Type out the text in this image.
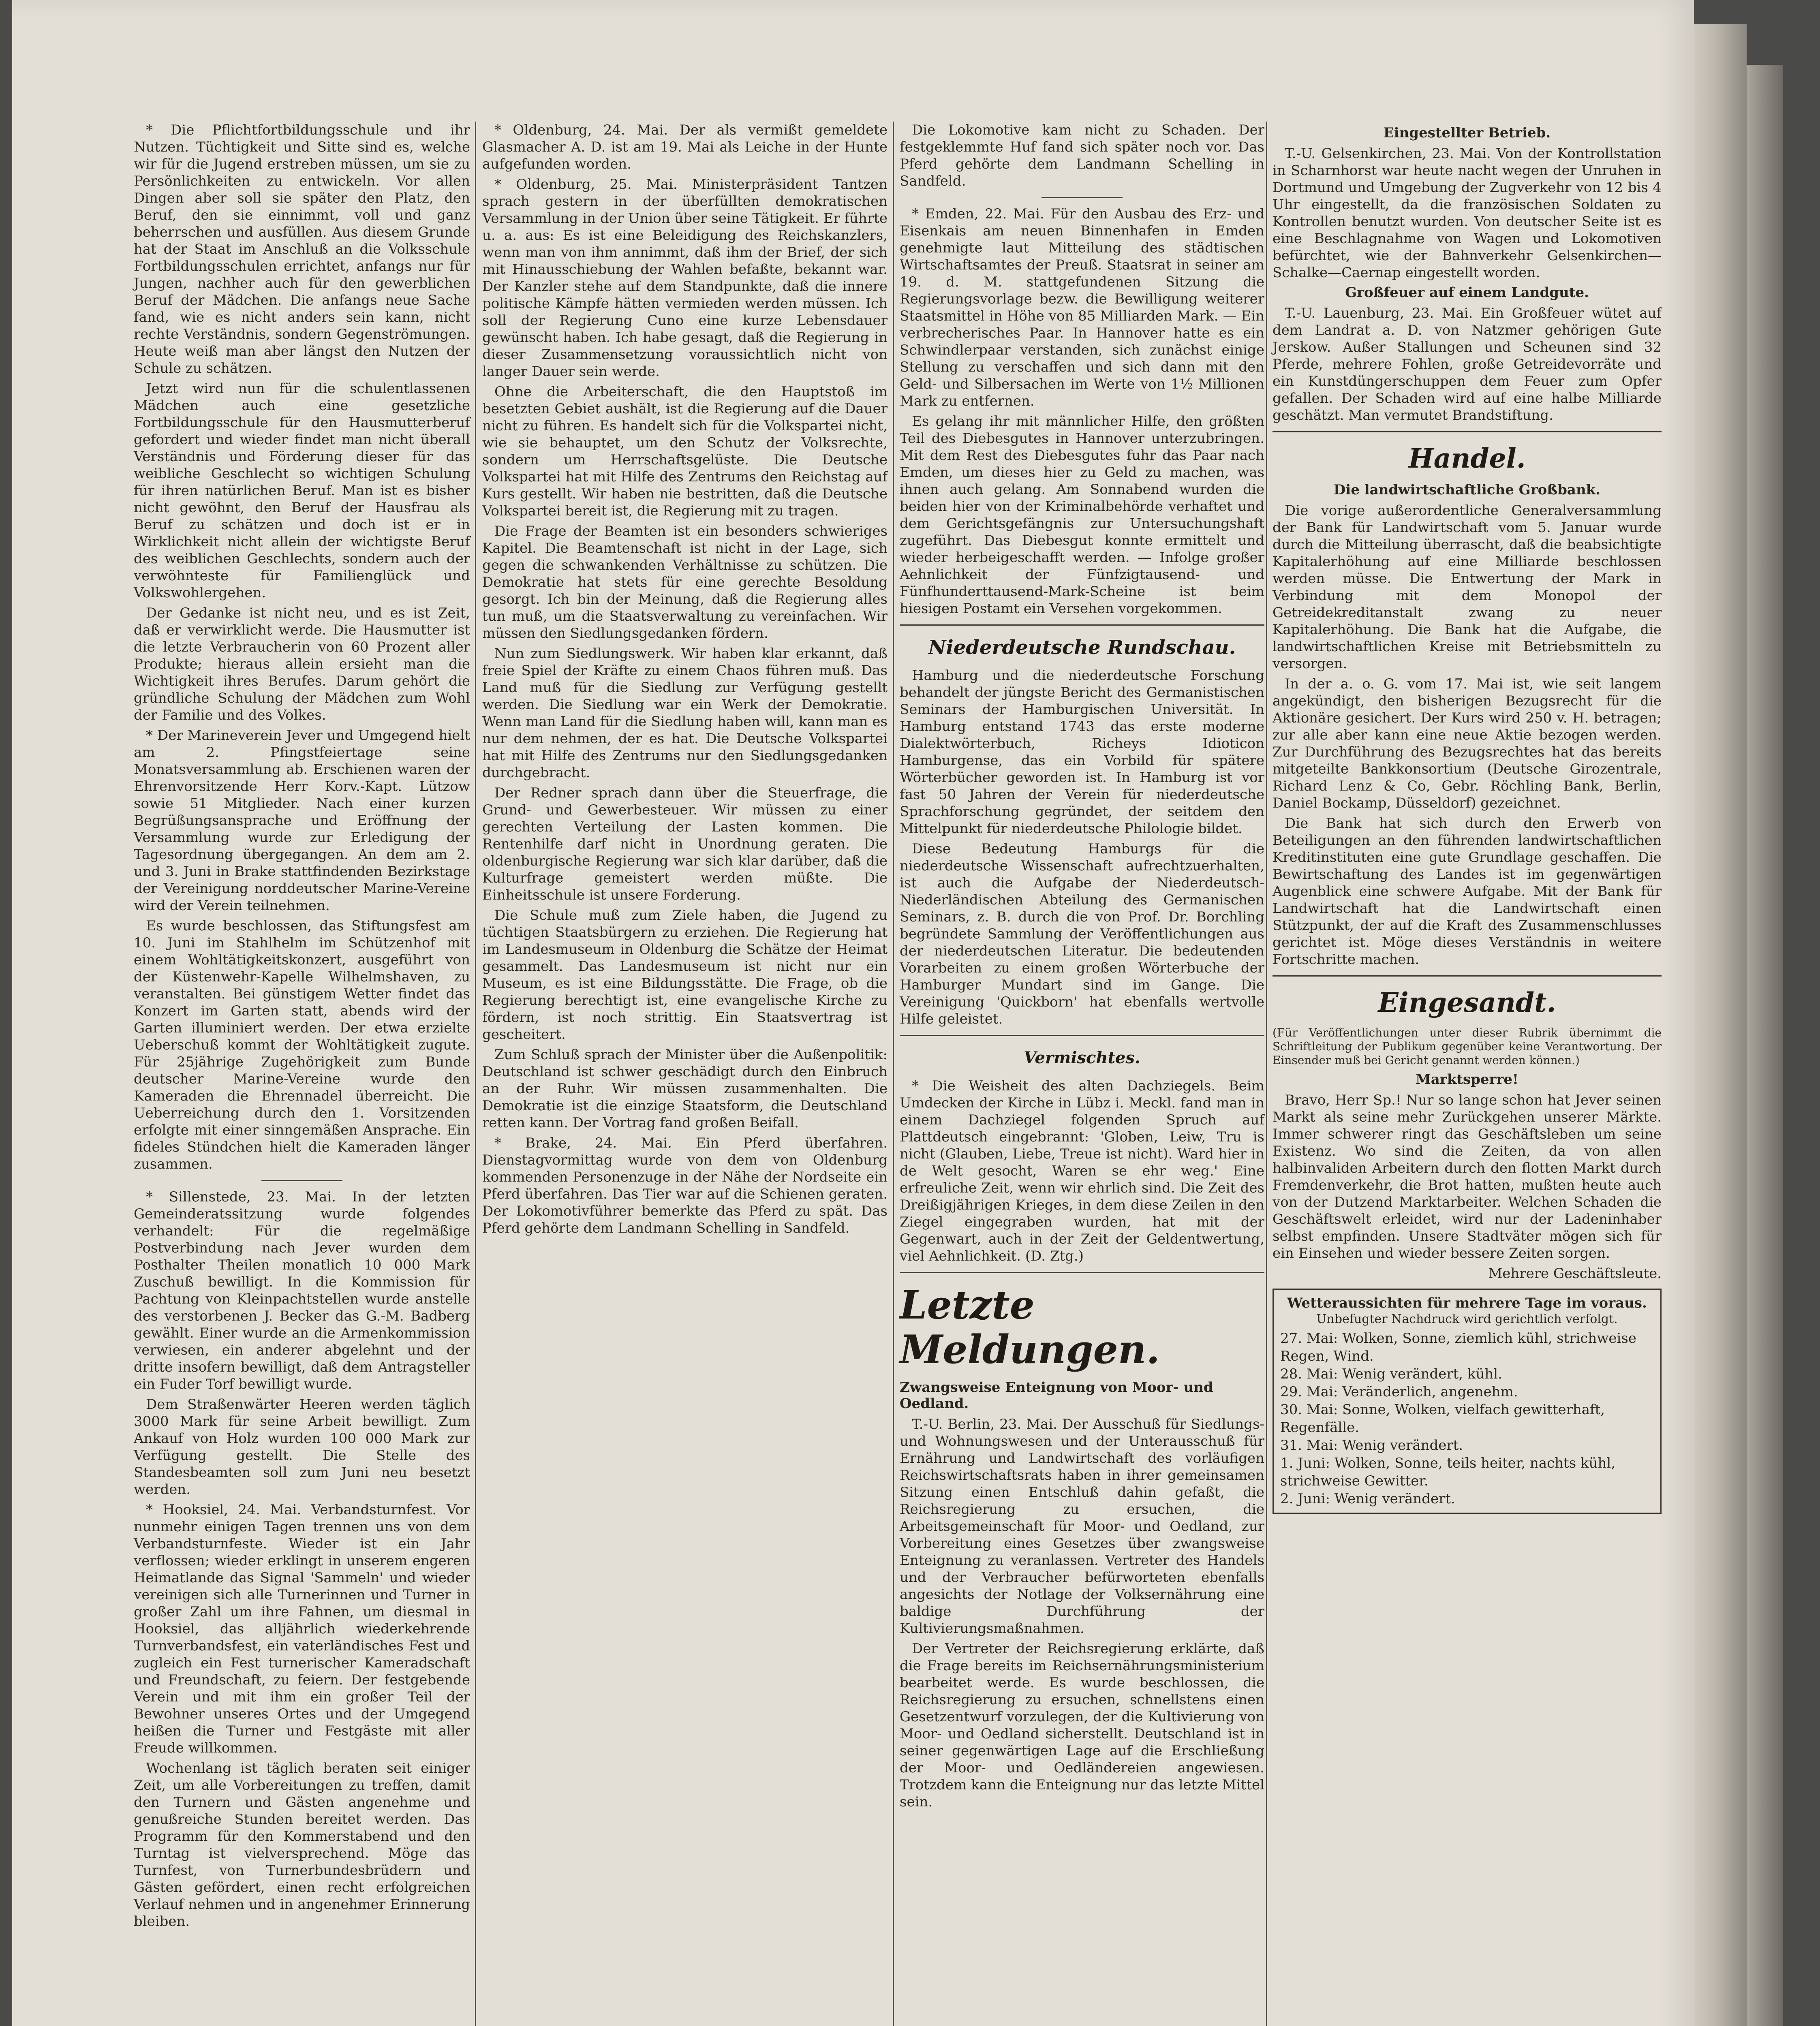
* Die Pflichtfortbildungsschule und ihr Nutzen. Tüchtigkeit und Sitte sind es, welche wir für die Jugend erstreben müssen, um sie zu Persönlichkeiten zu entwickeln. Vor allen Dingen aber soll sie später den Platz, den Beruf, den sie einnimmt, voll und ganz beherrschen und ausfüllen. Aus diesem Grunde hat der Staat im Anschluß an die Volksschule Fortbildungsschulen errichtet, anfangs nur für Jungen, nachher auch für den gewerblichen Beruf der Mädchen. Die anfangs neue Sache fand, wie es nicht anders sein kann, nicht rechte Verständnis, sondern Gegenströmungen. Heute weiß man aber längst den Nutzen der Schule zu schätzen.

Jetzt wird nun für die schulentlassenen Mädchen auch eine gesetzliche Fortbildungsschule für den Hausmutterberuf gefordert und wieder findet man nicht überall Verständnis und Förderung dieser für das weibliche Geschlecht so wichtigen Schulung für ihren natürlichen Beruf. Man ist es bisher nicht gewöhnt, den Beruf der Hausfrau als Beruf zu schätzen und doch ist er in Wirklichkeit nicht allein der wichtigste Beruf des weiblichen Geschlechts, sondern auch der verwöhnteste für Familienglück und Volkswohlergehen.

Der Gedanke ist nicht neu, und es ist Zeit, daß er verwirklicht werde. Die Hausmutter ist die letzte Verbraucherin von 60 Prozent aller Produkte; hieraus allein ersieht man die Wichtigkeit ihres Berufes. Darum gehört die gründliche Schulung der Mädchen zum Wohl der Familie und des Volkes.

* Der Marineverein Jever und Umgegend hielt am 2. Pfingstfeiertage seine Monatsversammlung ab. Erschienen waren der Ehrenvorsitzende Herr Korv.-Kapt. Lützow sowie 51 Mitglieder. Nach einer kurzen Begrüßungsansprache und Eröffnung der Versammlung wurde zur Erledigung der Tagesordnung übergegangen. An dem am 2. und 3. Juni in Brake stattfindenden Bezirkstage der Vereinigung norddeutscher Marine-Vereine wird der Verein teilnehmen.

Es wurde beschlossen, das Stiftungsfest am 10. Juni im Stahlhelm im Schützenhof mit einem Wohltätigkeitskonzert, ausgeführt von der Küstenwehr-Kapelle Wilhelmshaven, zu veranstalten. Bei günstigem Wetter findet das Konzert im Garten statt, abends wird der Garten illuminiert werden. Der etwa erzielte Ueberschuß kommt der Wohltätigkeit zugute. Für 25jährige Zugehörigkeit zum Bunde deutscher Marine-Vereine wurde den Kameraden die Ehrennadel überreicht. Die Ueberreichung durch den 1. Vorsitzenden erfolgte mit einer sinngemäßen Ansprache. Ein fideles Stündchen hielt die Kameraden länger zusammen.

* Sillenstede, 23. Mai. In der letzten Gemeinderatssitzung wurde folgendes verhandelt: Für die regelmäßige Postverbindung nach Jever wurden dem Posthalter Theilen monatlich 10 000 Mark Zuschuß bewilligt. In die Kommission für Pachtung von Kleinpachtstellen wurde anstelle des verstorbenen J. Becker das G.-M. Badberg gewählt. Einer wurde an die Armenkommission verwiesen, ein anderer abgelehnt und der dritte insofern bewilligt, daß dem Antragsteller ein Fuder Torf bewilligt wurde.

Dem Straßenwärter Heeren werden täglich 3000 Mark für seine Arbeit bewilligt. Zum Ankauf von Holz wurden 100 000 Mark zur Verfügung gestellt. Die Stelle des Standesbeamten soll zum Juni neu besetzt werden.

* Hooksiel, 24. Mai. Verbandsturnfest. Vor nunmehr einigen Tagen trennen uns von dem Verbandsturnfeste. Wieder ist ein Jahr verflossen; wieder erklingt in unserem engeren Heimatlande das Signal 'Sammeln' und wieder vereinigen sich alle Turnerinnen und Turner in großer Zahl um ihre Fahnen, um diesmal in Hooksiel, das alljährlich wiederkehrende Turnverbandsfest, ein vaterländisches Fest und zugleich ein Fest turnerischer Kameradschaft und Freundschaft, zu feiern. Der festgebende Verein und mit ihm ein großer Teil der Bewohner unseres Ortes und der Umgegend heißen die Turner und Festgäste mit aller Freude willkommen.

Wochenlang ist täglich beraten seit einiger Zeit, um alle Vorbereitungen zu treffen, damit den Turnern und Gästen angenehme und genußreiche Stunden bereitet werden. Das Programm für den Kommerstabend und den Turntag ist vielversprechend. Möge das Turnfest, von Turnerbundesbrüdern und Gästen gefördert, einen recht erfolgreichen Verlauf nehmen und in angenehmer Erinnerung bleiben.

* Oldenburg, 24. Mai. Der als vermißt gemeldete Glasmacher A. D. ist am 19. Mai als Leiche in der Hunte aufgefunden worden.

* Oldenburg, 25. Mai. Ministerpräsident Tantzen sprach gestern in der überfüllten demokratischen Versammlung in der Union über seine Tätigkeit. Er führte u. a. aus: Es ist eine Beleidigung des Reichskanzlers, wenn man von ihm annimmt, daß ihm der Brief, der sich mit Hinausschiebung der Wahlen befaßte, bekannt war. Der Kanzler stehe auf dem Standpunkte, daß die innere politische Kämpfe hätten vermieden werden müssen. Ich soll der Regierung Cuno eine kurze Lebensdauer gewünscht haben. Ich habe gesagt, daß die Regierung in dieser Zusammensetzung voraussichtlich nicht von langer Dauer sein werde.

Ohne die Arbeiterschaft, die den Hauptstoß im besetzten Gebiet aushält, ist die Regierung auf die Dauer nicht zu führen. Es handelt sich für die Volkspartei nicht, wie sie behauptet, um den Schutz der Volksrechte, sondern um Herrschaftsgelüste. Die Deutsche Volkspartei hat mit Hilfe des Zentrums den Reichstag auf Kurs gestellt. Wir haben nie bestritten, daß die Deutsche Volkspartei bereit ist, die Regierung mit zu tragen.

Die Frage der Beamten ist ein besonders schwieriges Kapitel. Die Beamtenschaft ist nicht in der Lage, sich gegen die schwankenden Verhältnisse zu schützen. Die Demokratie hat stets für eine gerechte Besoldung gesorgt. Ich bin der Meinung, daß die Regierung alles tun muß, um die Staatsverwaltung zu vereinfachen. Wir müssen den Siedlungsgedanken fördern.

Nun zum Siedlungswerk. Wir haben klar erkannt, daß freie Spiel der Kräfte zu einem Chaos führen muß. Das Land muß für die Siedlung zur Verfügung gestellt werden. Die Siedlung war ein Werk der Demokratie. Wenn man Land für die Siedlung haben will, kann man es nur dem nehmen, der es hat. Die Deutsche Volkspartei hat mit Hilfe des Zentrums nur den Siedlungsgedanken durchgebracht.

Der Redner sprach dann über die Steuerfrage, die Grund- und Gewerbesteuer. Wir müssen zu einer gerechten Verteilung der Lasten kommen. Die Rentenhilfe darf nicht in Unordnung geraten. Die oldenburgische Regierung war sich klar darüber, daß die Kulturfrage gemeistert werden müßte. Die Einheitsschule ist unsere Forderung.

Die Schule muß zum Ziele haben, die Jugend zu tüchtigen Staatsbürgern zu erziehen. Die Regierung hat im Landesmuseum in Oldenburg die Schätze der Heimat gesammelt. Das Landesmuseum ist nicht nur ein Museum, es ist eine Bildungsstätte. Die Frage, ob die Regierung berechtigt ist, eine evangelische Kirche zu fördern, ist noch strittig. Ein Staatsvertrag ist gescheitert.

Zum Schluß sprach der Minister über die Außenpolitik: Deutschland ist schwer geschädigt durch den Einbruch an der Ruhr. Wir müssen zusammenhalten. Die Demokratie ist die einzige Staatsform, die Deutschland retten kann. Der Vortrag fand großen Beifall.

* Brake, 24. Mai. Ein Pferd überfahren. Dienstagvormittag wurde von dem von Oldenburg kommenden Personenzuge in der Nähe der Nordseite ein Pferd überfahren. Das Tier war auf die Schienen geraten. Der Lokomotivführer bemerkte das Pferd zu spät. Das Pferd gehörte dem Landmann Schelling in Sandfeld.

Die Lokomotive kam nicht zu Schaden. Der festgeklemmte Huf fand sich später noch vor. Das Pferd gehörte dem Landmann Schelling in Sandfeld.

* Emden, 22. Mai. Für den Ausbau des Erz- und Eisenkais am neuen Binnenhafen in Emden genehmigte laut Mitteilung des städtischen Wirtschaftsamtes der Preuß. Staatsrat in seiner am 19. d. M. stattgefundenen Sitzung die Regierungsvorlage bezw. die Bewilligung weiterer Staatsmittel in Höhe von 85 Milliarden Mark. — Ein verbrecherisches Paar. In Hannover hatte es ein Schwindlerpaar verstanden, sich zunächst einige Stellung zu verschaffen und sich dann mit den Geld- und Silbersachen im Werte von 1½ Millionen Mark zu entfernen.

Es gelang ihr mit männlicher Hilfe, den größten Teil des Diebesgutes in Hannover unterzubringen. Mit dem Rest des Diebesgutes fuhr das Paar nach Emden, um dieses hier zu Geld zu machen, was ihnen auch gelang. Am Sonnabend wurden die beiden hier von der Kriminalbehörde verhaftet und dem Gerichtsgefängnis zur Untersuchungshaft zugeführt. Das Diebesgut konnte ermittelt und wieder herbeigeschafft werden. — Infolge großer Aehnlichkeit der Fünfzigtausend- und Fünfhunderttausend-Mark-Scheine ist beim hiesigen Postamt ein Versehen vorgekommen.

Niederdeutsche Rundschau.

Hamburg und die niederdeutsche Forschung behandelt der jüngste Bericht des Germanistischen Seminars der Hamburgischen Universität. In Hamburg entstand 1743 das erste moderne Dialektwörterbuch, Richeys Idioticon Hamburgense, das ein Vorbild für spätere Wörterbücher geworden ist. In Hamburg ist vor fast 50 Jahren der Verein für niederdeutsche Sprachforschung gegründet, der seitdem den Mittelpunkt für niederdeutsche Philologie bildet.

Diese Bedeutung Hamburgs für die niederdeutsche Wissenschaft aufrechtzuerhalten, ist auch die Aufgabe der Niederdeutsch-Niederländischen Abteilung des Germanischen Seminars, z. B. durch die von Prof. Dr. Borchling begründete Sammlung der Veröffentlichungen aus der niederdeutschen Literatur. Die bedeutenden Vorarbeiten zu einem großen Wörterbuche der Hamburger Mundart sind im Gange. Die Vereinigung 'Quickborn' hat ebenfalls wertvolle Hilfe geleistet.

Vermischtes.

* Die Weisheit des alten Dachziegels. Beim Umdecken der Kirche in Lübz i. Meckl. fand man in einem Dachziegel folgenden Spruch auf Plattdeutsch eingebrannt: 'Globen, Leiw, Tru is nicht (Glauben, Liebe, Treue ist nicht). Ward hier in de Welt gesocht, Waren se ehr weg.' Eine erfreuliche Zeit, wenn wir ehrlich sind. Die Zeit des Dreißigjährigen Krieges, in dem diese Zeilen in den Ziegel eingegraben wurden, hat mit der Gegenwart, auch in der Zeit der Geldentwertung, viel Aehnlichkeit. (D. Ztg.)

Letzte Meldungen.
Zwangsweise Enteignung von Moor- und Oedland.

T.-U. Berlin, 23. Mai. Der Ausschuß für Siedlungs- und Wohnungswesen und der Unterausschuß für Ernährung und Landwirtschaft des vorläufigen Reichswirtschaftsrats haben in ihrer gemeinsamen Sitzung einen Entschluß dahin gefaßt, die Reichsregierung zu ersuchen, die Arbeitsgemeinschaft für Moor- und Oedland, zur Vorbereitung eines Gesetzes über zwangsweise Enteignung zu veranlassen. Vertreter des Handels und der Verbraucher befürworteten ebenfalls angesichts der Notlage der Volksernährung eine baldige Durchführung der Kultivierungsmaßnahmen.

Der Vertreter der Reichsregierung erklärte, daß die Frage bereits im Reichsernährungsministerium bearbeitet werde. Es wurde beschlossen, die Reichsregierung zu ersuchen, schnellstens einen Gesetzentwurf vorzulegen, der die Kultivierung von Moor- und Oedland sicherstellt. Deutschland ist in seiner gegenwärtigen Lage auf die Erschließung der Moor- und Oedländereien angewiesen. Trotzdem kann die Enteignung nur das letzte Mittel sein.

Eingestellter Betrieb.

T.-U. Gelsenkirchen, 23. Mai. Von der Kontrollstation in Scharnhorst war heute nacht wegen der Unruhen in Dortmund und Umgebung der Zugverkehr von 12 bis 4 Uhr eingestellt, da die französischen Soldaten zu Kontrollen benutzt wurden. Von deutscher Seite ist es eine Beschlagnahme von Wagen und Lokomotiven befürchtet, wie der Bahnverkehr Gelsenkirchen—Schalke—Caernap eingestellt worden.

Großfeuer auf einem Landgute.

T.-U. Lauenburg, 23. Mai. Ein Großfeuer wütet auf dem Landrat a. D. von Natzmer gehörigen Gute Jerskow. Außer Stallungen und Scheunen sind 32 Pferde, mehrere Fohlen, große Getreidevorräte und ein Kunstdüngerschuppen dem Feuer zum Opfer gefallen. Der Schaden wird auf eine halbe Milliarde geschätzt. Man vermutet Brandstiftung.

Handel.
Die landwirtschaftliche Großbank.

Die vorige außerordentliche Generalversammlung der Bank für Landwirtschaft vom 5. Januar wurde durch die Mitteilung überrascht, daß die beabsichtigte Kapitalerhöhung auf eine Milliarde beschlossen werden müsse. Die Entwertung der Mark in Verbindung mit dem Monopol der Getreidekreditanstalt zwang zu neuer Kapitalerhöhung. Die Bank hat die Aufgabe, die landwirtschaftlichen Kreise mit Betriebsmitteln zu versorgen.

In der a. o. G. vom 17. Mai ist, wie seit langem angekündigt, den bisherigen Bezugsrecht für die Aktionäre gesichert. Der Kurs wird 250 v. H. betragen; zur alle aber kann eine neue Aktie bezogen werden. Zur Durchführung des Bezugsrechtes hat das bereits mitgeteilte Bankkonsortium (Deutsche Girozentrale, Richard Lenz & Co, Gebr. Röchling Bank, Berlin, Daniel Bockamp, Düsseldorf) gezeichnet.

Die Bank hat sich durch den Erwerb von Beteiligungen an den führenden landwirtschaftlichen Kreditinstituten eine gute Grundlage geschaffen. Die Bewirtschaftung des Landes ist im gegenwärtigen Augenblick eine schwere Aufgabe. Mit der Bank für Landwirtschaft hat die Landwirtschaft einen Stützpunkt, der auf die Kraft des Zusammenschlusses gerichtet ist. Möge dieses Verständnis in weitere Fortschritte machen.

Eingesandt.

(Für Veröffentlichungen unter dieser Rubrik übernimmt die Schriftleitung der Publikum gegenüber keine Verantwortung. Der Einsender muß bei Gericht genannt werden können.)

Marktsperre!

Bravo, Herr Sp.! Nur so lange schon hat Jever seinen Markt als seine mehr Zurückgehen unserer Märkte. Immer schwerer ringt das Geschäftsleben um seine Existenz. Wo sind die Zeiten, da von allen halbinvaliden Arbeitern durch den flotten Markt durch Fremdenverkehr, die Brot hatten, mußten heute auch von der Dutzend Marktarbeiter. Welchen Schaden die Geschäftswelt erleidet, wird nur der Ladeninhaber selbst empfinden. Unsere Stadtväter mögen sich für ein Einsehen und wieder bessere Zeiten sorgen.

Mehrere Geschäftsleute.
Wetteraussichten für mehrere Tage im voraus.
Unbefugter Nachdruck wird gerichtlich verfolgt.
27. Mai: Wolken, Sonne, ziemlich kühl, strichweise Regen, Wind.
28. Mai: Wenig verändert, kühl.
29. Mai: Veränderlich, angenehm.
30. Mai: Sonne, Wolken, vielfach gewitterhaft, Regenfälle.
31. Mai: Wenig verändert.
1. Juni: Wolken, Sonne, teils heiter, nachts kühl, strichweise Gewitter.
2. Juni: Wenig verändert.
